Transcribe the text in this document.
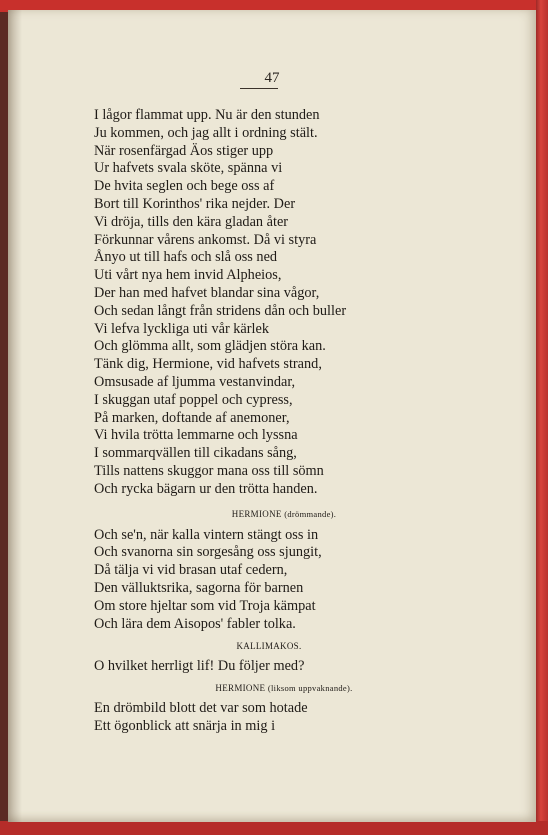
47
I lågor flammat upp. Nu är den stunden
Ju kommen, och jag allt i ordning stält.
När rosenfärgad Äos stiger upp
Ur hafvets svala sköte, spänna vi
De hvita seglen och bege oss af
Bort till Korinthos' rika nejder. Der
Vi dröja, tills den kära gladan åter
Förkunnar vårens ankomst. Då vi styra
Ånyo ut till hafs och slå oss ned
Uti vårt nya hem invid Alpheios,
Der han med hafvet blandar sina vågor,
Och sedan långt från stridens dån och buller
Vi lefva lyckliga uti vår kärlek
Och glömma allt, som glädjen störa kan.
Tänk dig, Hermione, vid hafvets strand,
Omsusade af ljumma vestanvindar,
I skuggan utaf poppel och cypress,
På marken, doftande af anemoner,
Vi hvila trötta lemmarne och lyssna
I sommarqvällen till cikadans sång,
Tills nattens skuggor mana oss till sömn
Och rycka bägarn ur den trötta handen.
HERMIONE (drömmande).
Och se'n, när kalla vintern stängt oss in
Och svanorna sin sorgesång oss sjungit,
Då tälja vi vid brasan utaf cedern,
Den välluktsrika, sagorna för barnen
Om store hjeltar som vid Troja kämpat
Och lära dem Aisopos' fabler tolka.
KALLIMAKOS.
O hvilket herrligt lif! Du följer med?
HERMIONE (liksom uppvaknande).
En drömbild blott det var som hotade
Ett ögonblick att snärja in mig i
